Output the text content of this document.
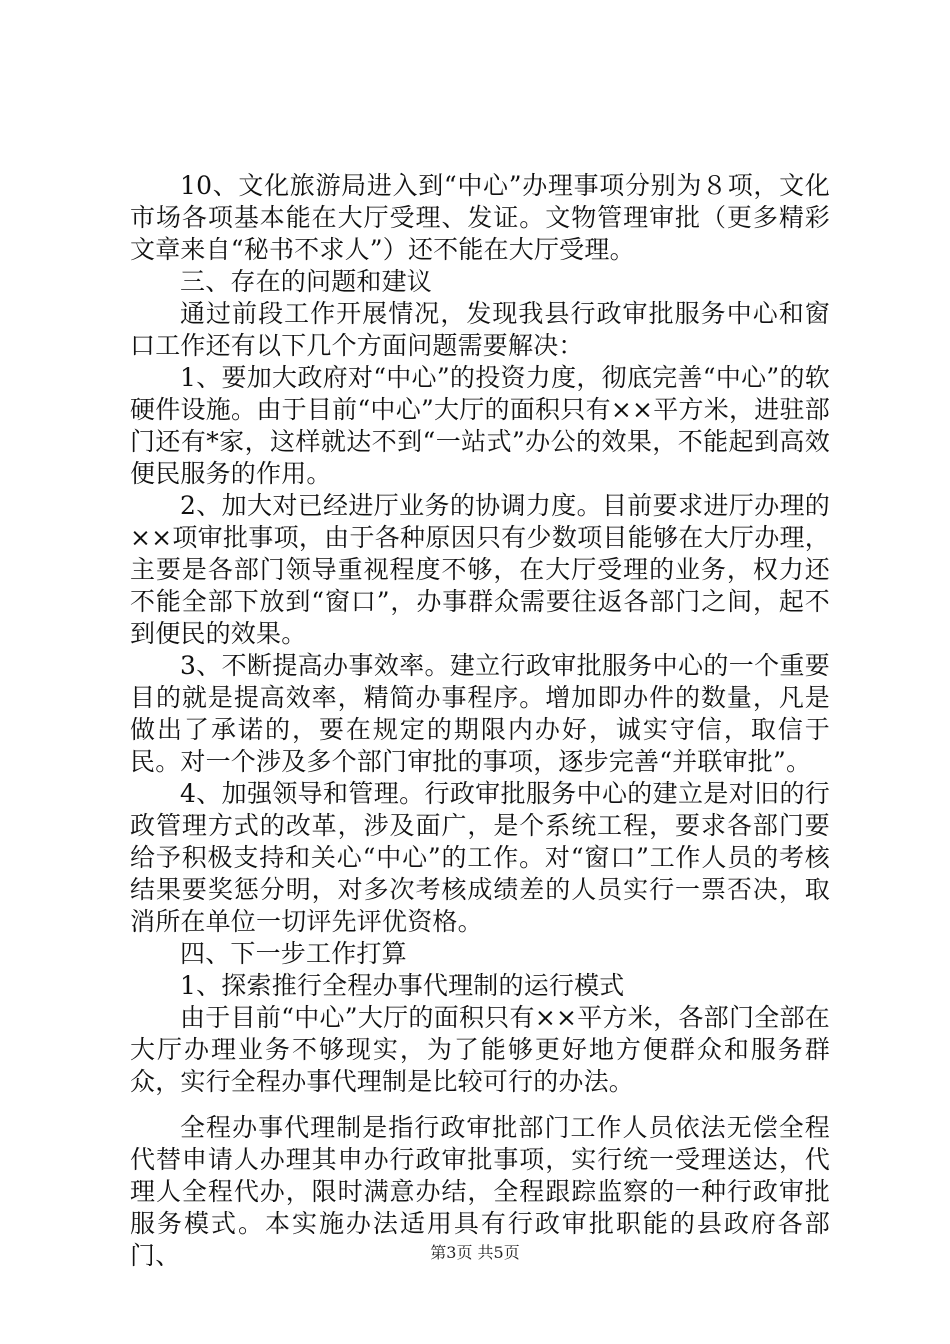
10、文化旅游局进入到“中心”办理事项分别为８项，文化市场各项基本能在大厅受理、发证。文物管理审批（更多精彩文章来自“秘书不求人”）还不能在大厅受理。

三、存在的问题和建议

通过前段工作开展情况，发现我县行政审批服务中心和窗口工作还有以下几个方面问题需要解决：

1、要加大政府对“中心”的投资力度，彻底完善“中心”的软硬件设施。由于目前“中心”大厅的面积只有××平方米，进驻部门还有*家，这样就达不到“一站式”办公的效果，不能起到高效便民服务的作用。

2、加大对已经进厅业务的协调力度。目前要求进厅办理的××项审批事项，由于各种原因只有少数项目能够在大厅办理，主要是各部门领导重视程度不够，在大厅受理的业务，权力还不能全部下放到“窗口”，办事群众需要往返各部门之间，起不到便民的效果。

3、不断提高办事效率。建立行政审批服务中心的一个重要目的就是提高效率，精简办事程序。增加即办件的数量，凡是做出了承诺的，要在规定的期限内办好，诚实守信，取信于民。对一个涉及多个部门审批的事项，逐步完善“并联审批”。

4、加强领导和管理。行政审批服务中心的建立是对旧的行政管理方式的改革，涉及面广，是个系统工程，要求各部门要给予积极支持和关心“中心”的工作。对“窗口”工作人员的考核结果要奖惩分明，对多次考核成绩差的人员实行一票否决，取消所在单位一切评先评优资格。

四、下一步工作打算

1、探索推行全程办事代理制的运行模式

由于目前“中心”大厅的面积只有××平方米，各部门全部在大厅办理业务不够现实，为了能够更好地方便群众和服务群众，实行全程办事代理制是比较可行的办法。

全程办事代理制是指行政审批部门工作人员依法无偿全程代替申请人办理其申办行政审批事项，实行统一受理送达，代理人全程代办，限时满意办结，全程跟踪监察的一种行政审批服务模式。本实施办法适用具有行政审批职能的县政府各部门、	第3页 共5页
